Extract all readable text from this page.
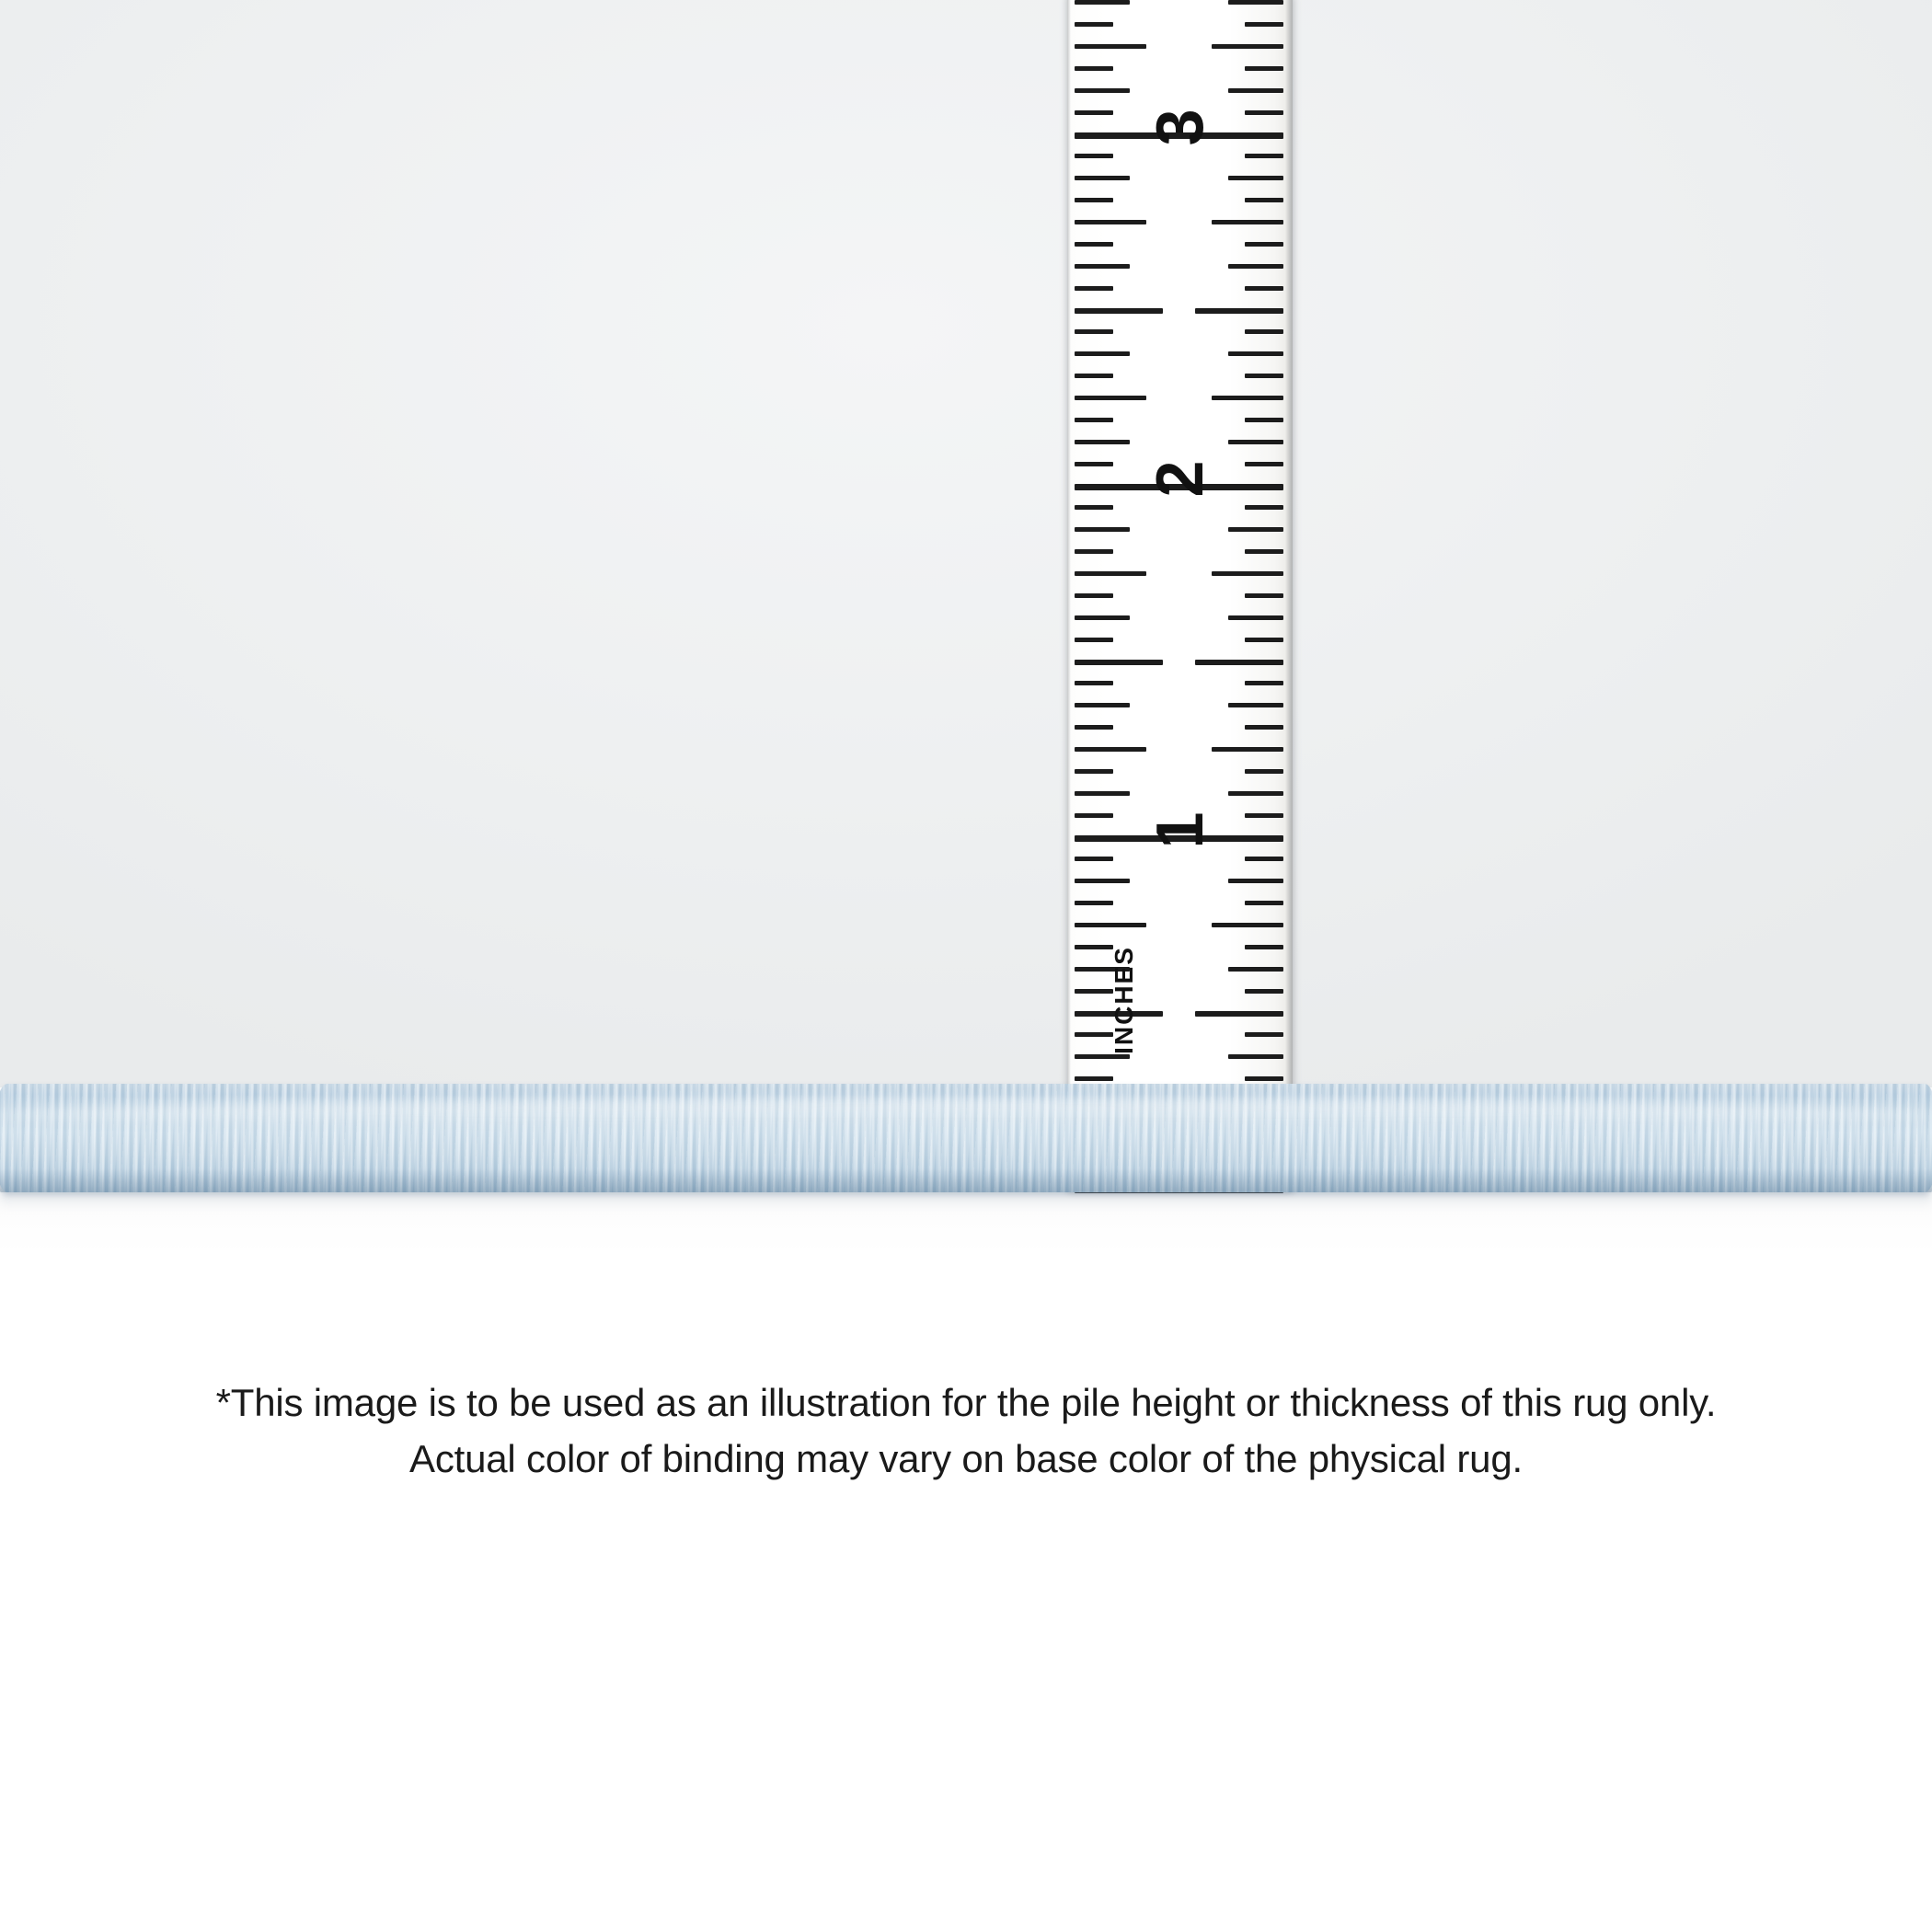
1
2
3
INCHES
*This image is to be used as an illustration for the pile height or thickness of this rug only.
Actual color of binding may vary on base color of the physical rug.
